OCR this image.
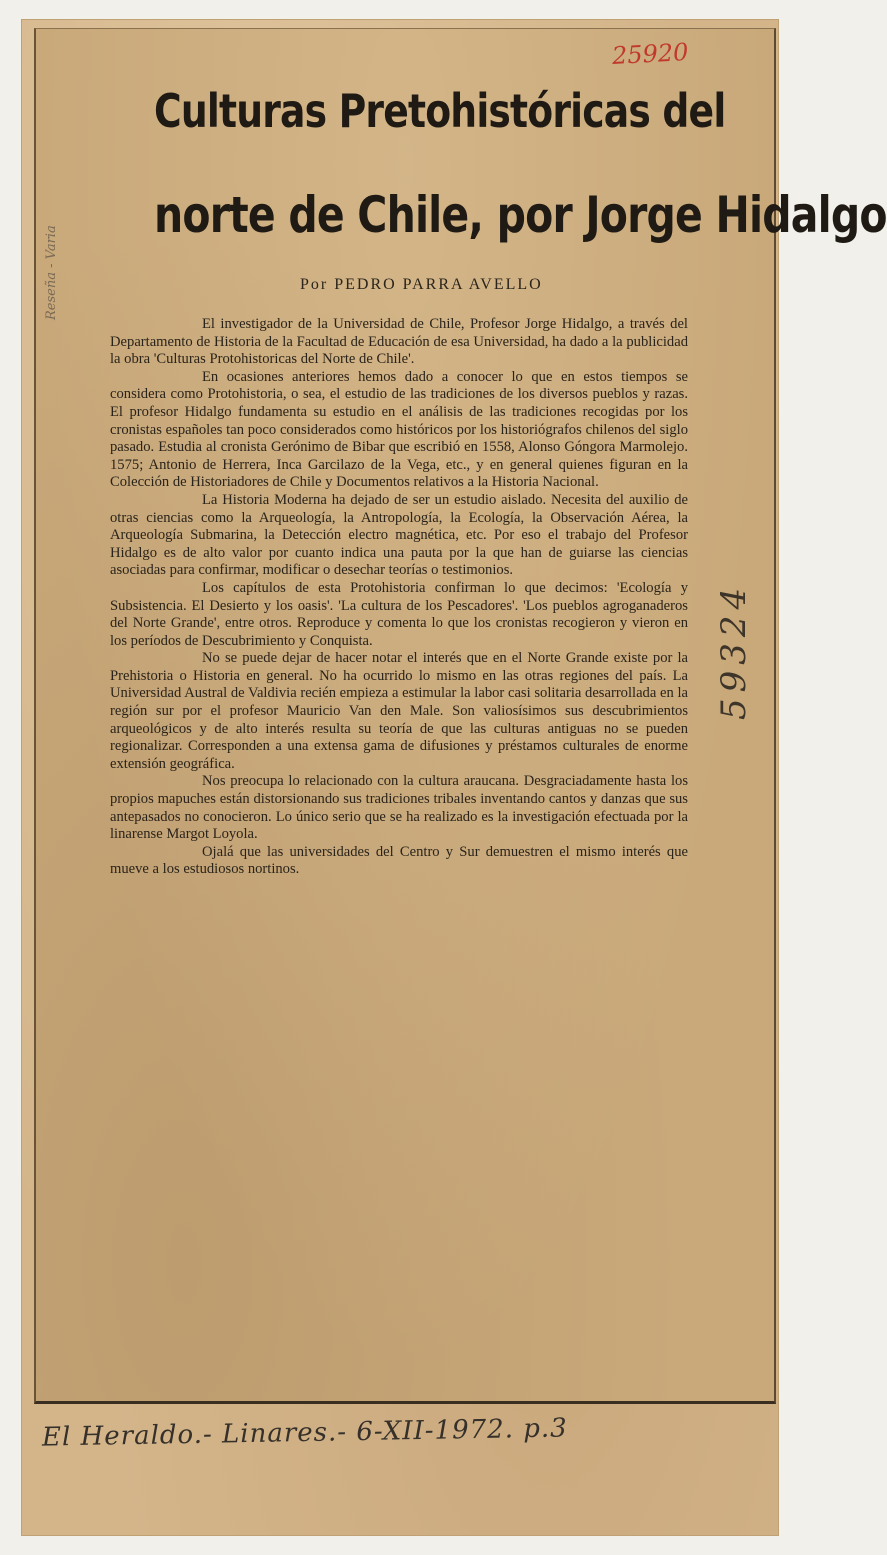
25920
Culturas Pretohistóricas del
norte de Chile, por Jorge Hidalgo
Por PEDRO PARRA AVELLO
Reseña - Varia
59324

El investigador de la Universidad de Chile, Profesor Jorge Hidalgo, a través del Departamento de Historia de la Facultad de Educación de esa Universidad, ha dado a la publicidad la obra 'Culturas Protohistoricas del Norte de Chile'.

En ocasiones anteriores hemos dado a conocer lo que en estos tiempos se considera como Protohistoria, o sea, el estudio de las tradiciones de los diversos pueblos y razas. El profesor Hidalgo fundamenta su estudio en el análisis de las tradiciones recogidas por los cronistas españoles tan poco considerados como históricos por los historiógrafos chilenos del siglo pasado. Estudia al cronista Gerónimo de Bibar que escribió en 1558, Alonso Góngora Marmolejo. 1575; Antonio de Herrera, Inca Garcilazo de la Vega, etc., y en general quienes figuran en la Colección de Historiadores de Chile y Documentos relativos a la Historia Nacional.

La Historia Moderna ha dejado de ser un estudio aislado. Necesita del auxilio de otras ciencias como la Arqueología, la Antropología, la Ecología, la Observación Aérea, la Arqueología Submarina, la Detección electro magnética, etc. Por eso el trabajo del Profesor Hidalgo es de alto valor por cuanto indica una pauta por la que han de guiarse las ciencias asociadas para confirmar, modificar o desechar teorías o testimonios.

Los capítulos de esta Protohistoria confirman lo que decimos: 'Ecología y Subsistencia. El Desierto y los oasis'. 'La cultura de los Pescadores'. 'Los pueblos agroganaderos del Norte Grande', entre otros. Reproduce y comenta lo que los cronistas recogieron y vieron en los períodos de Descubrimiento y Conquista.

No se puede dejar de hacer notar el interés que en el Norte Grande existe por la Prehistoria o Historia en general. No ha ocurrido lo mismo en las otras regiones del país. La Universidad Austral de Valdivia recién empieza a estimular la labor casi solitaria desarrollada en la región sur por el profesor Mauricio Van den Male. Son valiosísimos sus descubrimientos arqueológicos y de alto interés resulta su teoría de que las culturas antiguas no se pueden regionalizar. Corresponden a una extensa gama de difusiones y préstamos culturales de enorme extensión geográfica.

Nos preocupa lo relacionado con la cultura araucana. Desgraciadamente hasta los propios mapuches están distorsionando sus tradiciones tribales inventando cantos y danzas que sus antepasados no conocieron. Lo único serio que se ha realizado es la investigación efectuada por la linarense Margot Loyola.

Ojalá que las universidades del Centro y Sur demuestren el mismo interés que mueve a los estudiosos nortinos.

El Heraldo.- Linares.- 6-XII-1972. p.3
